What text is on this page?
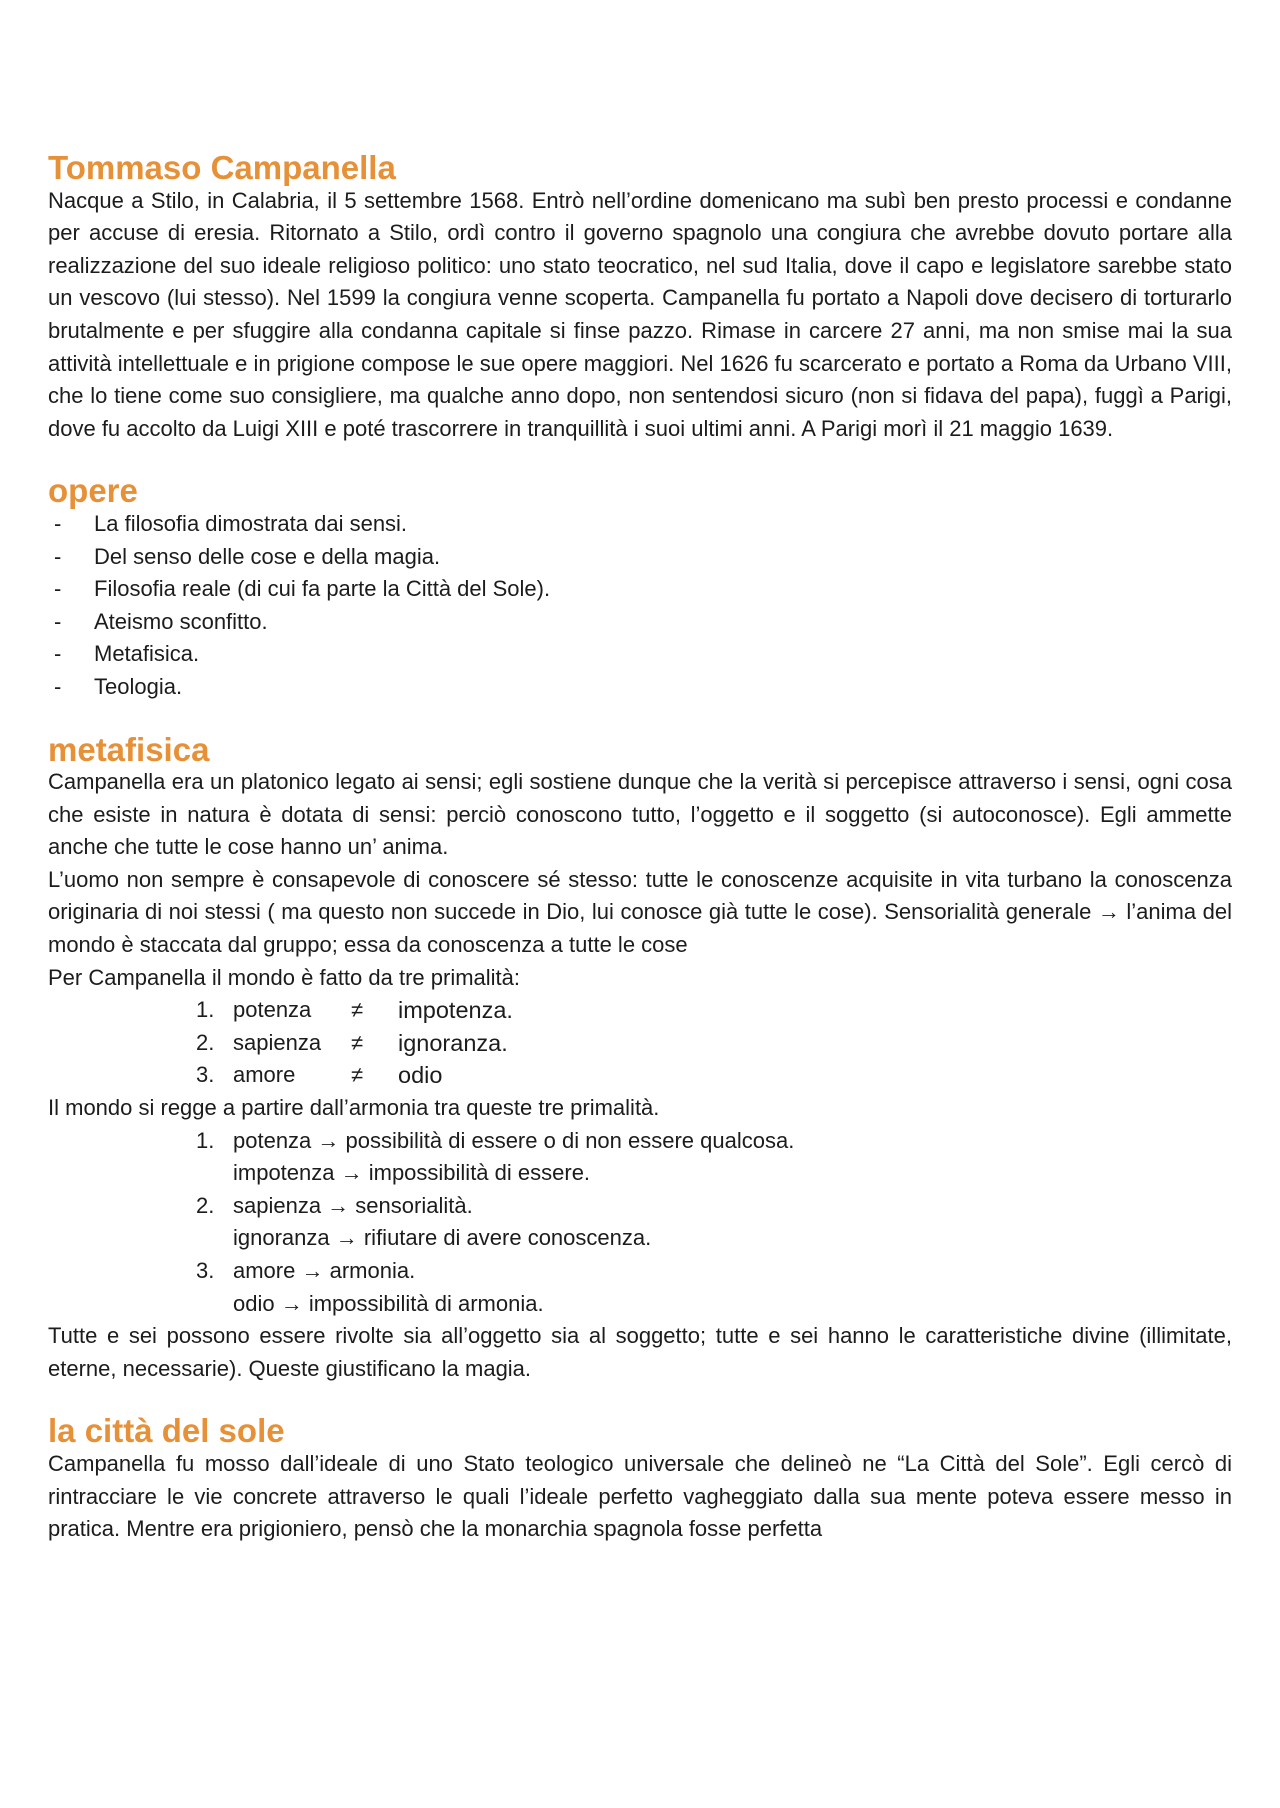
Tommaso Campanella

Nacque a Stilo, in Calabria, il 5 settembre 1568. Entrò nell’ordine domenicano ma subì ben presto processi e condanne per accuse di eresia. Ritornato a Stilo, ordì contro il governo spagnolo una congiura che avrebbe dovuto portare alla realizzazione del suo ideale religioso politico: uno stato teocratico, nel sud Italia, dove il capo e legislatore sarebbe stato un vescovo (lui stesso). Nel 1599 la congiura venne scoperta. Campanella fu portato a Napoli dove decisero di torturarlo brutalmente e per sfuggire alla condanna capitale si finse pazzo. Rimase in carcere 27 anni, ma non smise mai la sua attività intellettuale e in prigione compose le sue opere maggiori. Nel 1626 fu scarcerato e portato a Roma da Urbano VIII, che lo tiene come suo consigliere, ma qualche anno dopo, non sentendosi sicuro (non si fidava del papa), fuggì a Parigi, dove fu accolto da Luigi XIII e poté trascorrere in tranquillità i suoi ultimi anni. A Parigi morì il 21 maggio 1639.

opere
-	La filosofia dimostrata dai sensi.
-	Del senso delle cose e della magia.
-	Filosofia reale (di cui fa parte la Città del Sole).
-	Ateismo sconfitto.
-	Metafisica.
-	Teologia.
metafisica

Campanella era un platonico legato ai sensi; egli sostiene dunque che la verità si percepisce attraverso i sensi, ogni cosa che esiste in natura è dotata di sensi: perciò conoscono tutto, l’oggetto e il soggetto (si autoconosce). Egli ammette anche che tutte le cose hanno un’ anima.

L’uomo non sempre è consapevole di conoscere sé stesso: tutte le conoscenze acquisite in vita turbano la conoscenza originaria di noi stessi ( ma questo non succede in Dio, lui conosce già tutte le cose). Sensorialità generale → l’anima del mondo è staccata dal gruppo; essa da conoscenza a tutte le cose

Per Campanella il mondo è fatto da tre primalità:

1. potenza	≠	impotenza.
2. sapienza	≠	ignoranza.
3. amore	≠	odio

Il mondo si regge a partire dall’armonia tra queste tre primalità.

1. potenza → possibilità di essere o di non essere qualcosa.
impotenza → impossibilità di essere.
2. sapienza → sensorialità.
ignoranza → rifiutare di avere conoscenza.
3. amore → armonia.
odio → impossibilità di armonia.

Tutte e sei possono essere rivolte sia all’oggetto sia al soggetto; tutte e sei hanno le caratteristiche divine (illimitate, eterne, necessarie). Queste giustificano la magia.

la città del sole

Campanella fu mosso dall’ideale di uno Stato teologico universale che delineò ne “La Città del Sole”. Egli cercò di rintracciare le vie concrete attraverso le quali l’ideale perfetto vagheggiato dalla sua mente poteva essere messo in pratica. Mentre era prigioniero, pensò che la monarchia spagnola fosse perfetta
